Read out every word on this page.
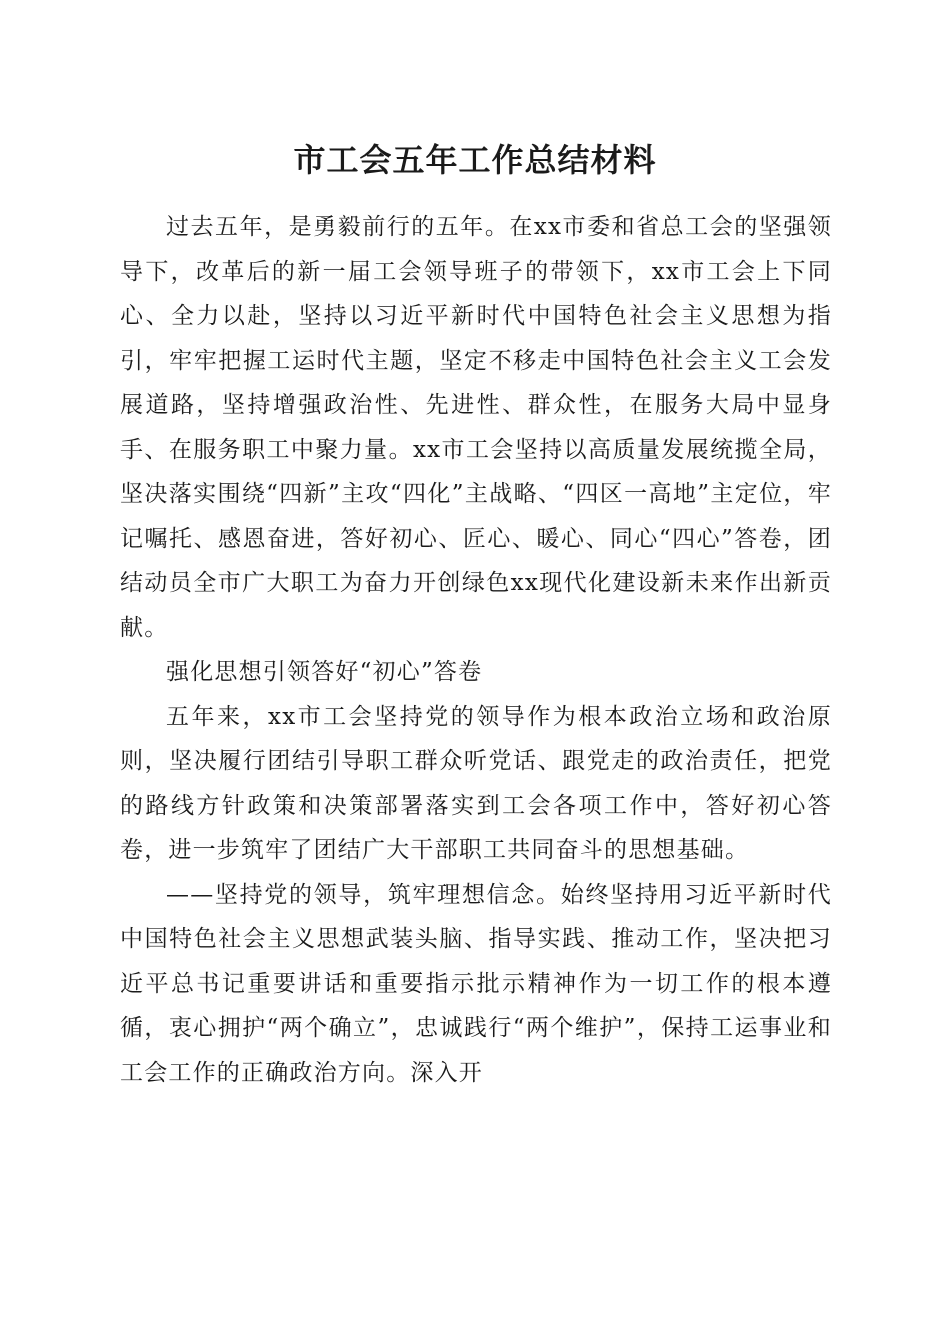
市工会五年工作总结材料

过去五年，是勇毅前行的五年。在xx市委和省总工会的坚强领导下，改革后的新一届工会领导班子的带领下，xx市工会上下同心、全力以赴，坚持以习近平新时代中国特色社会主义思想为指引，牢牢把握工运时代主题，坚定不移走中国特色社会主义工会发展道路，坚持增强政治性、先进性、群众性，在服务大局中显身手、在服务职工中聚力量。xx市工会坚持以高质量发展统揽全局，坚决落实围绕“四新”主攻“四化”主战略、“四区一高地”主定位，牢记嘱托、感恩奋进，答好初心、匠心、暖心、同心“四心”答卷，团结动员全市广大职工为奋力开创绿色xx现代化建设新未来作出新贡献。

强化思想引领答好“初心”答卷

五年来，xx市工会坚持党的领导作为根本政治立场和政治原则，坚决履行团结引导职工群众听党话、跟党走的政治责任，把党的路线方针政策和决策部署落实到工会各项工作中，答好初心答卷，进一步筑牢了团结广大干部职工共同奋斗的思想基础。

——坚持党的领导，筑牢理想信念。始终坚持用习近平新时代中国特色社会主义思想武装头脑、指导实践、推动工作，坚决把习近平总书记重要讲话和重要指示批示精神作为一切工作的根本遵循，衷心拥护“两个确立”，忠诚践行“两个维护”，保持工运事业和工会工作的正确政治方向。深入开
